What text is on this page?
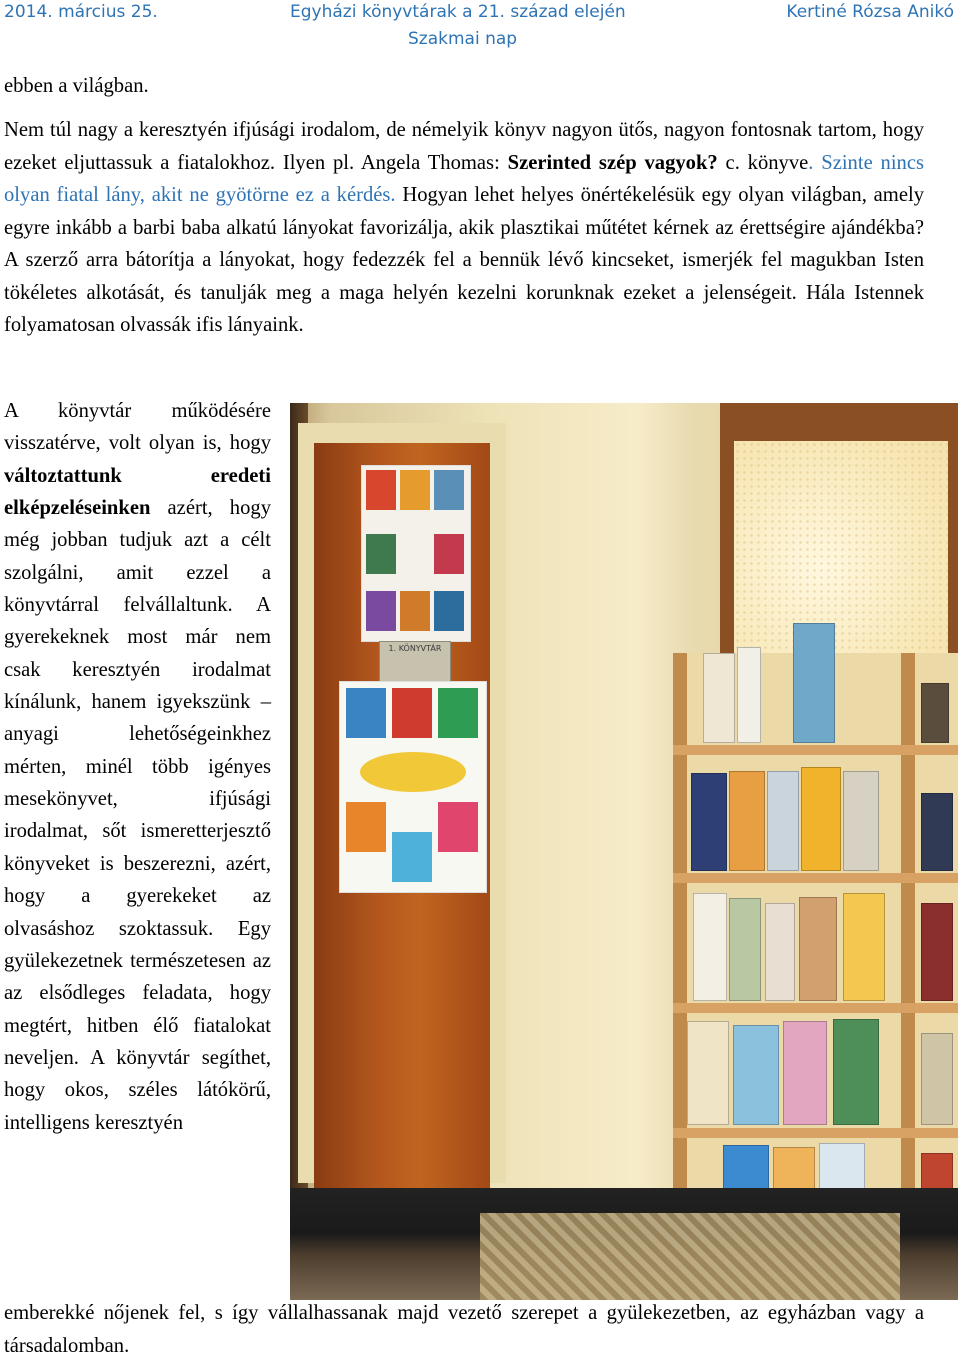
2014. március 25.	Egyházi könyvtárak a 21. század elején
Szakmai nap
Kertiné Rózsa Anikó

ebben a világban.

Nem túl nagy a keresztyén ifjúsági irodalom, de némelyik könyv nagyon ütős, nagyon fontosnak tartom, hogy ezeket eljuttassuk a fiatalokhoz. Ilyen pl. Angela Thomas: Szerinted szép vagyok? c. könyve. Szinte nincs olyan fiatal lány, akit ne gyötörne ez a kérdés. Hogyan lehet helyes önértékelésük egy olyan világban, amely egyre inkább a barbi baba alkatú lányokat favorizálja, akik plasztikai műtétet kérnek az érettségire ajándékba? A szerző arra bátorítja a lányokat, hogy fedezzék fel a bennük lévő kincseket, ismerjék fel magukban Isten tökéletes alkotását, és tanulják meg a maga helyén kezelni korunknak ezeket a jelenségeit. Hála Istennek folyamatosan olvassák ifis lányaink.

A könyvtár működésére visszatérve, volt olyan is, hogy változtattunk eredeti elképzeléseinken azért, hogy még jobban tudjuk azt a célt szolgálni, amit ezzel a könyvtárral felvállaltunk. A gyerekeknek most már nem csak keresztyén irodalmat kínálunk, hanem igyekszünk – anyagi lehetőségeinkhez mérten, minél több igényes mesekönyvet, ifjúsági irodalmat, sőt ismeretterjesztő könyveket is beszerezni, azért, hogy a gyerekeket az olvasáshoz szoktassuk. Egy gyülekezetnek természetesen az az elsődleges feladata, hogy megtért, hitben élő fiatalokat neveljen. A könyvtár segíthet, hogy okos, széles látókörű, intelligens keresztyén

emberekké nőjenek fel, s így vállalhassanak majd vezető szerepet a gyülekezetben, az egyházban vagy a társadalomban.

1. KÖNYVTÁR
